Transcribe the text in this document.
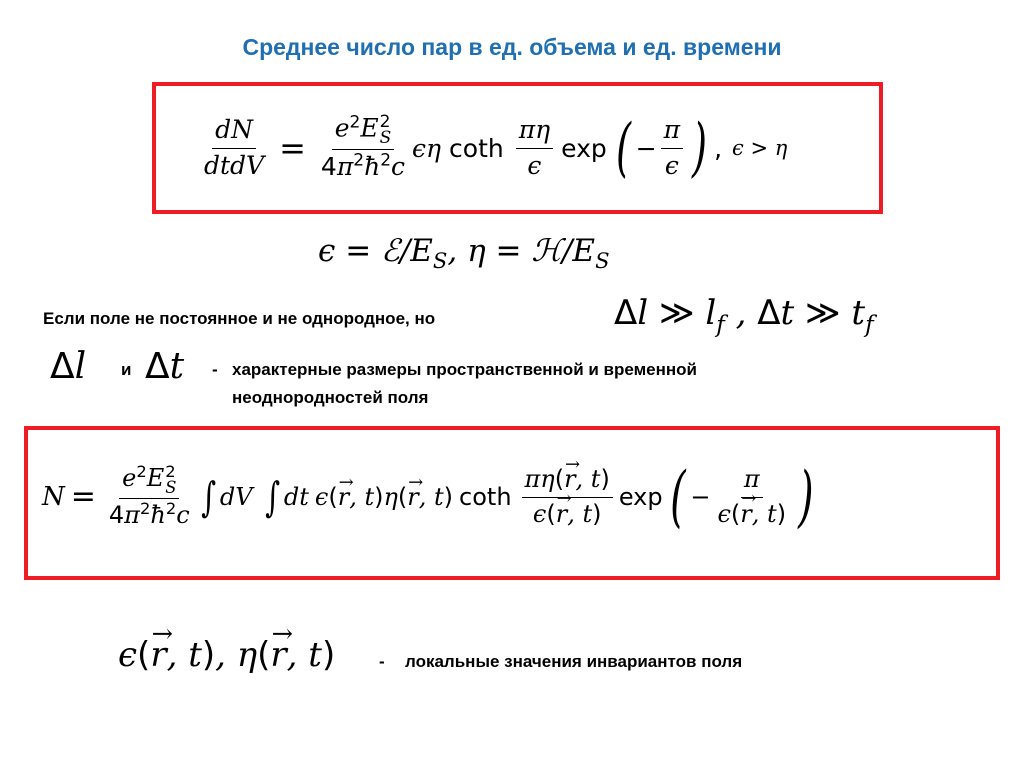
Среднее число пар в ед. объема и ед. времени
$\frac{dN}{\text{dtdV}} = e^2E$ 2
S
$4\pi^2ħ^2c$ ϵη coth $\frac{\pi\eta}{\epsilon}$ exp ( − $\frac{\pi}{\epsilon}$ ) , ϵ > η
$\epsilon = ℰ/E_S$, $\eta = ℋ/E_S$
Если поле не постоянное и не однородное, но	Δl ≫ $l_f$ , Δt ≫ $t_f$
Δl и Δt - характерные размеры пространственной и временной
неоднородностей поля
$N = e^2E$ 2
S
$4\pi^2ħ^2c$ ∫ dV ∫ dt ϵ(→ r, t)η(→ r, t) coth $\frac{\pi\eta(\to r, t)}{\epsilon(\to r, t)}$ exp ( − $\frac{\pi}{\epsilon(\to r, t)}$ )
ϵ(→ r, t), η(→ r, t)	- локальные значения инвариантов поля
